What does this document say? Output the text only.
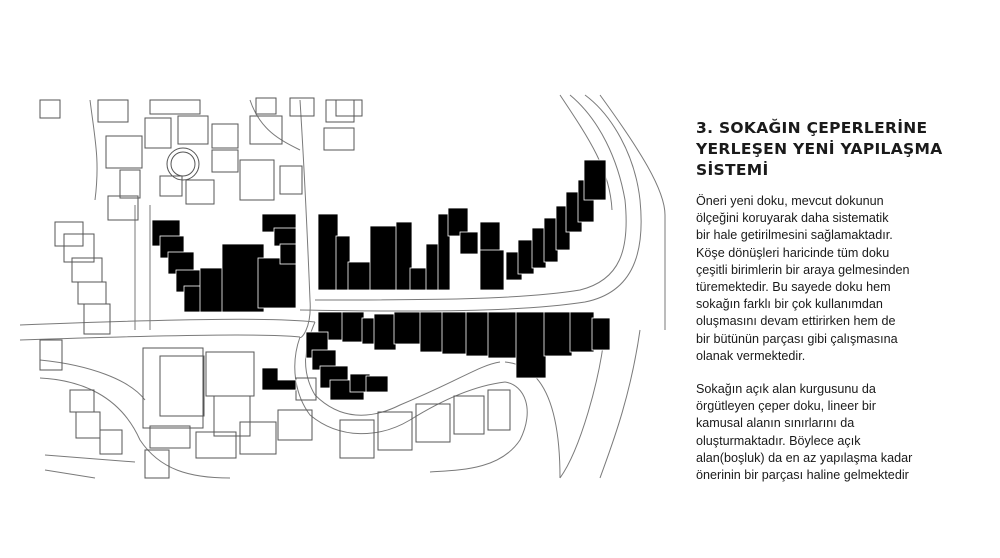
3. SOKAĞIN ÇEPERLERİNE
YERLEŞEN YENİ YAPILAŞMA
SİSTEMİ

Öneri yeni doku, mevcut dokunun
ölçeğini koruyarak daha sistematik
bir hale getirilmesini sağlamaktadır.
Köşe dönüşleri haricinde tüm doku
çeşitli birimlerin bir araya gelmesinden
türemektedir. Bu sayede doku hem
sokağın farklı bir çok kullanımdan
oluşmasını devam ettirirken hem de
bir bütünün parçası gibi çalışmasına
olanak vermektedir.

Sokağın açık alan kurgusunu da
örgütleyen çeper doku, lineer bir
kamusal alanın sınırlarını da
oluşturmaktadır. Böylece açık
alan(boşluk) da en az yapılaşma kadar
önerinin bir parçası haline gelmektedir
